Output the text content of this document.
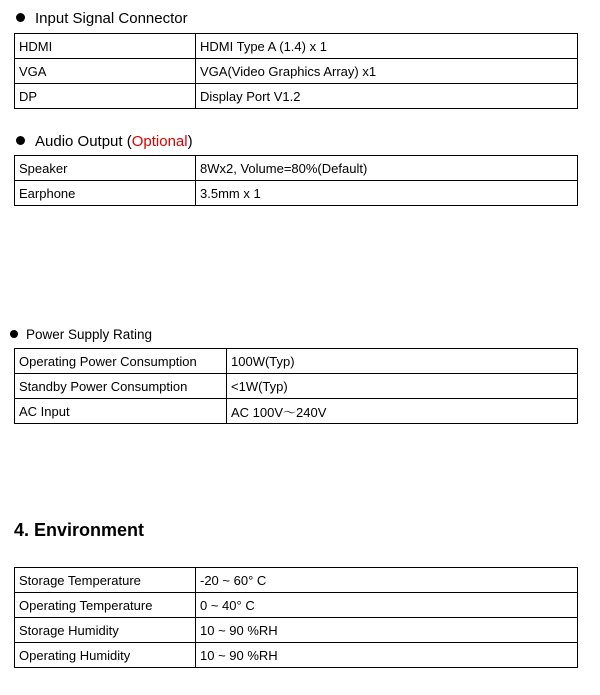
Input Signal Connector
HDMI	HDMI Type A (1.4) x 1
VGA	VGA(Video Graphics Array) x1
DP	Display Port V1.2
Audio Output (Optional)
Speaker	8Wx2, Volume=80%(Default)
Earphone	3.5mm x 1
Power Supply Rating
Operating Power Consumption	100W(Typ)
Standby Power Consumption	<1W(Typ)
AC Input	AC 100V～240V
4. Environment
Storage Temperature	-20 ~ 60° C
Operating Temperature	0 ~ 40° C
Storage Humidity	10 ~ 90 %RH
Operating Humidity	10 ~ 90 %RH
